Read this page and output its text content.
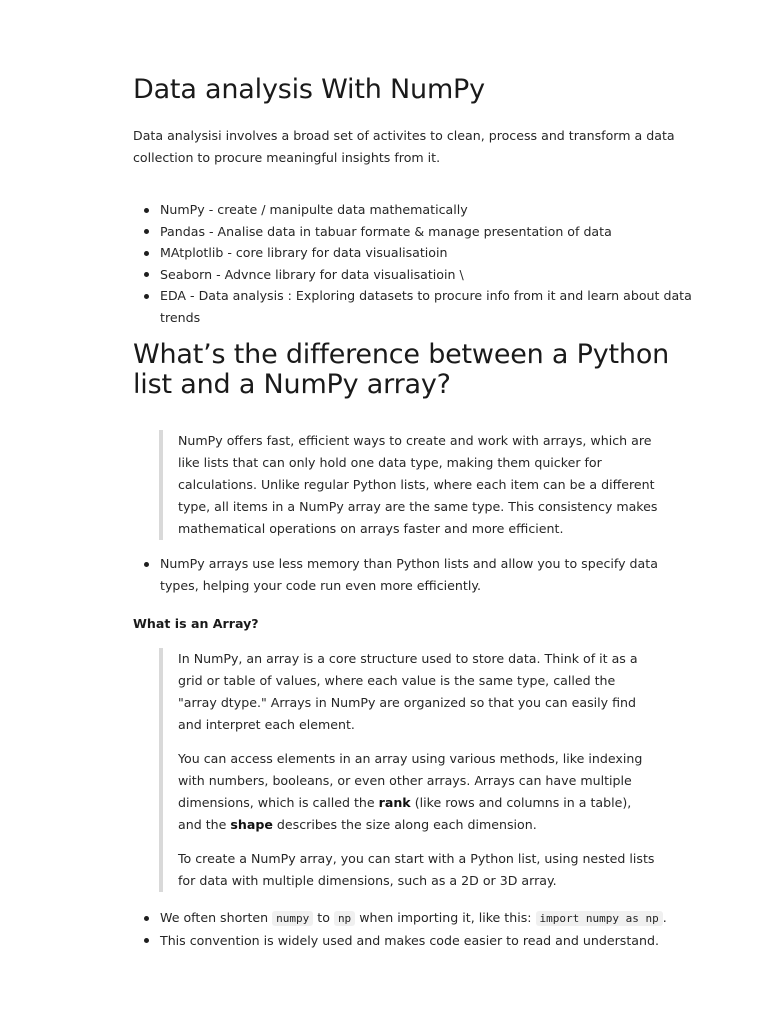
Data analysis With NumPy

Data analysisi involves a broad set of activites to clean, process and transform a data collection to procure meaningful insights from it.

NumPy - create / manipulte data mathematically
Pandas - Analise data in tabuar formate & manage presentation of data
MAtplotlib - core library for data visualisatioin
Seaborn - Advnce library for data visualisatioin \
EDA - Data analysis : Exploring datasets to procure info from it and learn about data trends
What’s the difference between a Python list and a NumPy array?

NumPy offers fast, efficient ways to create and work with arrays, which are like lists that can only hold one data type, making them quicker for calculations. Unlike regular Python lists, where each item can be a different type, all items in a NumPy array are the same type. This consistency makes mathematical operations on arrays faster and more efficient.

NumPy arrays use less memory than Python lists and allow you to specify data types, helping your code run even more efficiently.
What is an Array?

In NumPy, an array is a core structure used to store data. Think of it as a grid or table of values, where each value is the same type, called the "array dtype." Arrays in NumPy are organized so that you can easily find and interpret each element.

You can access elements in an array using various methods, like indexing with numbers, booleans, or even other arrays. Arrays can have multiple dimensions, which is called the rank (like rows and columns in a table), and the shape describes the size along each dimension.

To create a NumPy array, you can start with a Python list, using nested lists for data with multiple dimensions, such as a 2D or 3D array.

We often shorten numpy to np when importing it, like this: import numpy as np .
This convention is widely used and makes code easier to read and understand.
